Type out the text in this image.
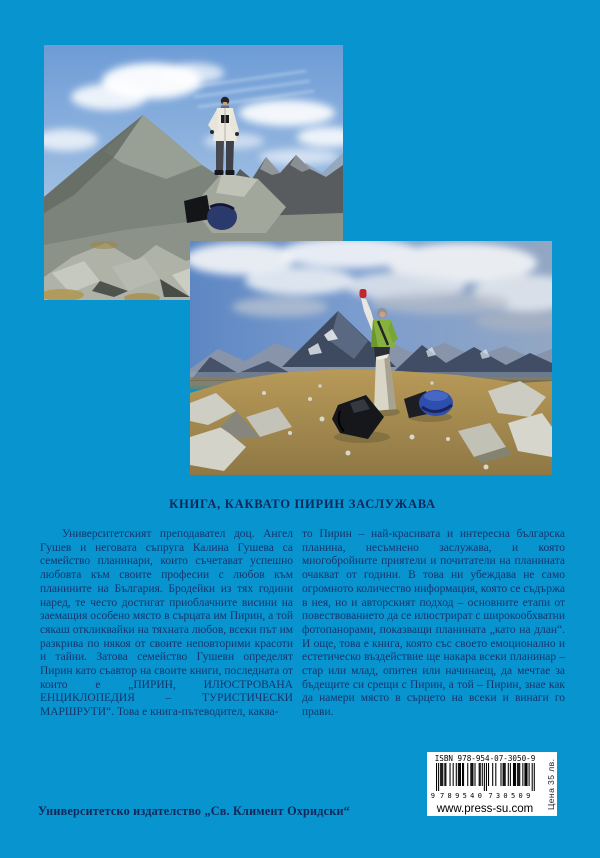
КНИГА, КАКВАТО ПИРИН ЗАСЛУЖАВА
Университетският преподавател доц. Ангел Гушев и неговата съпруга Калина Гушева са семейство планинари, които съчетават успешно любовта към своите професии с любов към планините на България. Бродейки из тях години наред, те често достигат приоблачните висини на заемащия особено място в сърцата им Пирин, а той сякаш откликвайки на тяхната любов, всеки път им разкрива по някоя от своите неповторими красоти и тайни. Затова семейство Гушеви определят Пирин като съавтор на своите книги, последната от които е „ПИРИН, ИЛЮСТРОВАНА ЕНЦИКЛОПЕДИЯ – ТУРИСТИЧЕСКИ МАРШРУТИ“. Това е книга-пътеводител, каква-
то Пирин – най-красивата и интересна българска планина, несъмнено заслужава, и която многобройните приятели и почитатели на планината очакват от години. В това ни убеждава не само огромното количество информация, която се съдържа в нея, но и авторският подход – основните етапи от повествованието да се илюстрират с широкообхватни фотопанорами, показващи планината „като на длан“. И още, това е книга, която със своето емоционално и естетическо въздействие ще накара всеки планинар – стар или млад, опитен или начинаещ, да мечтае за бъдещите си срещи с Пирин, а той – Пирин, знае как да намери място в сърцето на всеки и винаги го прави.
Университетско издателство „Св. Климент Охридски“
ISBN 978-954-07-3050-9
9 789540 730509
www.press-su.com	Цена 35 лв.
